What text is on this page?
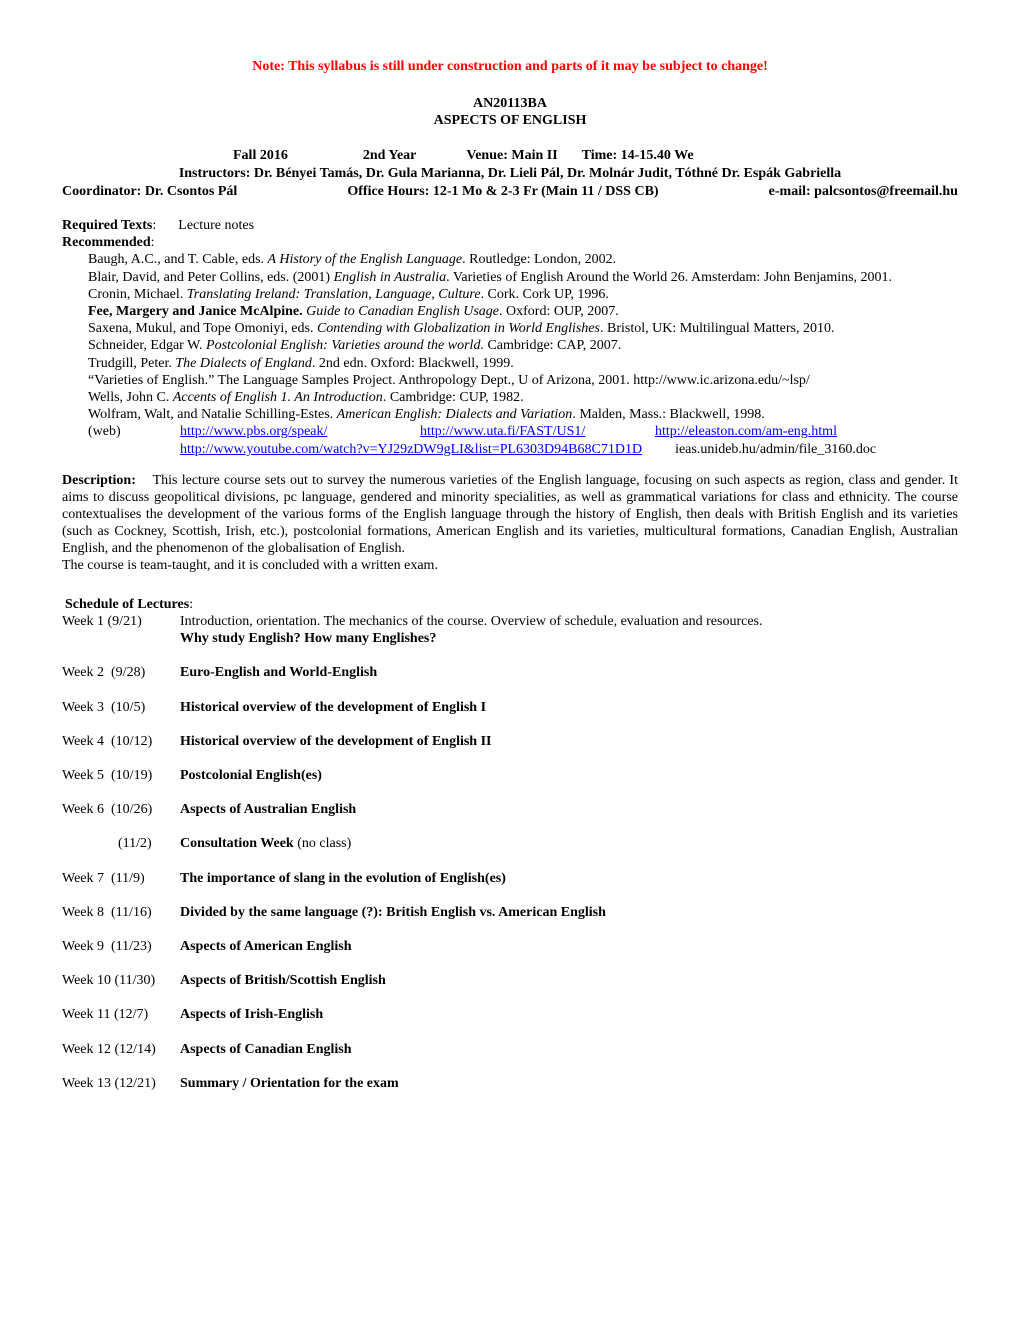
Note: This syllabus is still under construction and parts of it may be subject to change!

AN20113BA

ASPECTS OF ENGLISH

Fall 2016	2nd Year	Venue: Main II Time: 14-15.40 We

Instructors: Dr. Bényei Tamás, Dr. Gula Marianna, Dr. Lieli Pál, Dr. Molnár Judit, Tóthné Dr. Espák Gabriella

Coordinator: Dr. Csontos Pál	Office Hours: 12-1 Mo & 2-3 Fr (Main 11 / DSS CB)	e-mail: palcsontos@freemail.hu

Required Texts: Lecture notes

Recommended:

Baugh, A.C., and T. Cable, eds. A History of the English Language. Routledge: London, 2002.

Blair, David, and Peter Collins, eds. (2001) English in Australia. Varieties of English Around the World 26. Amsterdam: John Benjamins, 2001.

Cronin, Michael. Translating Ireland: Translation, Language, Culture. Cork. Cork UP, 1996.

Fee, Margery and Janice McAlpine. Guide to Canadian English Usage. Oxford: OUP, 2007.

Saxena, Mukul, and Tope Omoniyi, eds. Contending with Globalization in World Englishes. Bristol, UK: Multilingual Matters, 2010.

Schneider, Edgar W. Postcolonial English: Varieties around the world. Cambridge: CAP, 2007.

Trudgill, Peter. The Dialects of England. 2nd edn. Oxford: Blackwell, 1999.

“Varieties of English.” The Language Samples Project. Anthropology Dept., U of Arizona, 2001. http://www.ic.arizona.edu/~lsp/

Wells, John C. Accents of English 1. An Introduction. Cambridge: CUP, 1982.

Wolfram, Walt, and Natalie Schilling-Estes. American English: Dialects and Variation. Malden, Mass.: Blackwell, 1998.

(web)	http://www.pbs.org/speak/	http://www.uta.fi/FAST/US1/	http://eleaston.com/am-eng.html

http://www.youtube.com/watch?v=YJ29zDW9gLI&list=PL6303D94B68C71D1D ieas.unideb.hu/admin/file_3160.doc

Description:    This lecture course sets out to survey the numerous varieties of the English language, focusing on such aspects as region, class and gender. It aims to discuss geopolitical divisions, pc language, gendered and minority specialities, as well as grammatical variations for class and ethnicity. The course contextualises the development of the various forms of the English language through the history of English, then deals with British English and its varieties (such as Cockney, Scottish, Irish, etc.), postcolonial formations, American English and its varieties, multicultural formations, Canadian English, Australian English, and the phenomenon of the globalisation of English.

The course is team-taught, and it is concluded with a written exam.

Schedule of Lectures:

Week 1 (9/21)	Introduction, orientation. The mechanics of the course. Overview of schedule, evaluation and resources.
Why study English? How many Englishes?
Week 2  (9/28)	Euro-English and World-English
Week 3  (10/5)	Historical overview of the development of English I
Week 4  (10/12)	Historical overview of the development of English II
Week 5  (10/19)	Postcolonial English(es)
Week 6  (10/26)	Aspects of Australian English
(11/2)	Consultation Week (no class)
Week 7  (11/9)	The importance of slang in the evolution of English(es)
Week 8  (11/16)	Divided by the same language (?): British English vs. American English
Week 9  (11/23)	Aspects of American English
Week 10 (11/30)	Aspects of British/Scottish English
Week 11 (12/7)	Aspects of Irish-English
Week 12 (12/14)	Aspects of Canadian English
Week 13 (12/21)	Summary / Orientation for the exam
